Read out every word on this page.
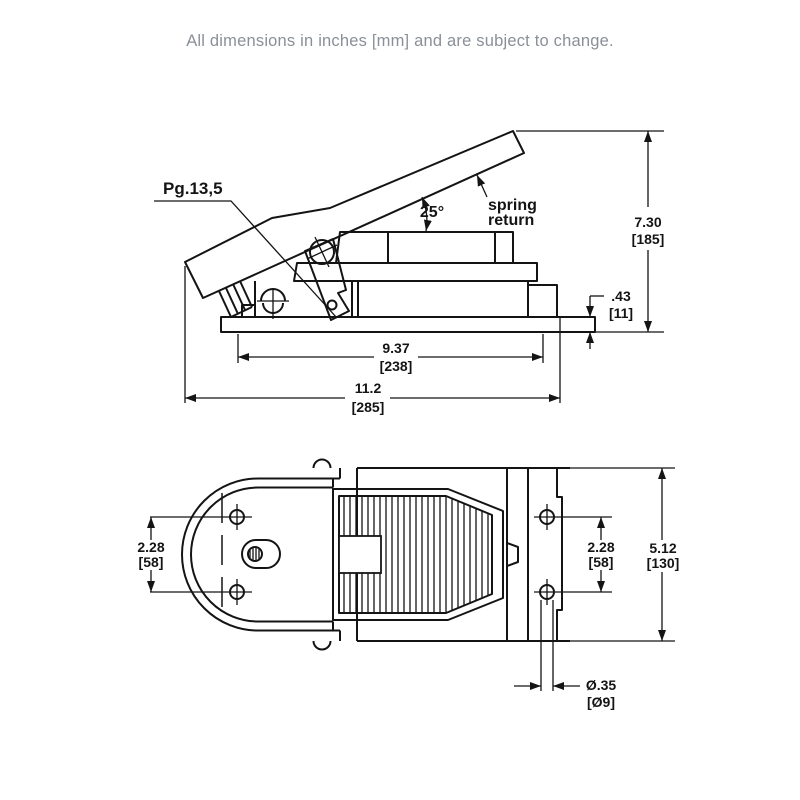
All dimensions in inches [mm] and are subject to change.
Pg.13,5
25°	spring
return	7.30
[185]
.43
[11]
9.37
[238]
11.2
[285]
2.28
[58]
2.28
[58]
5.12
[130]
Ø.35
[Ø9]
